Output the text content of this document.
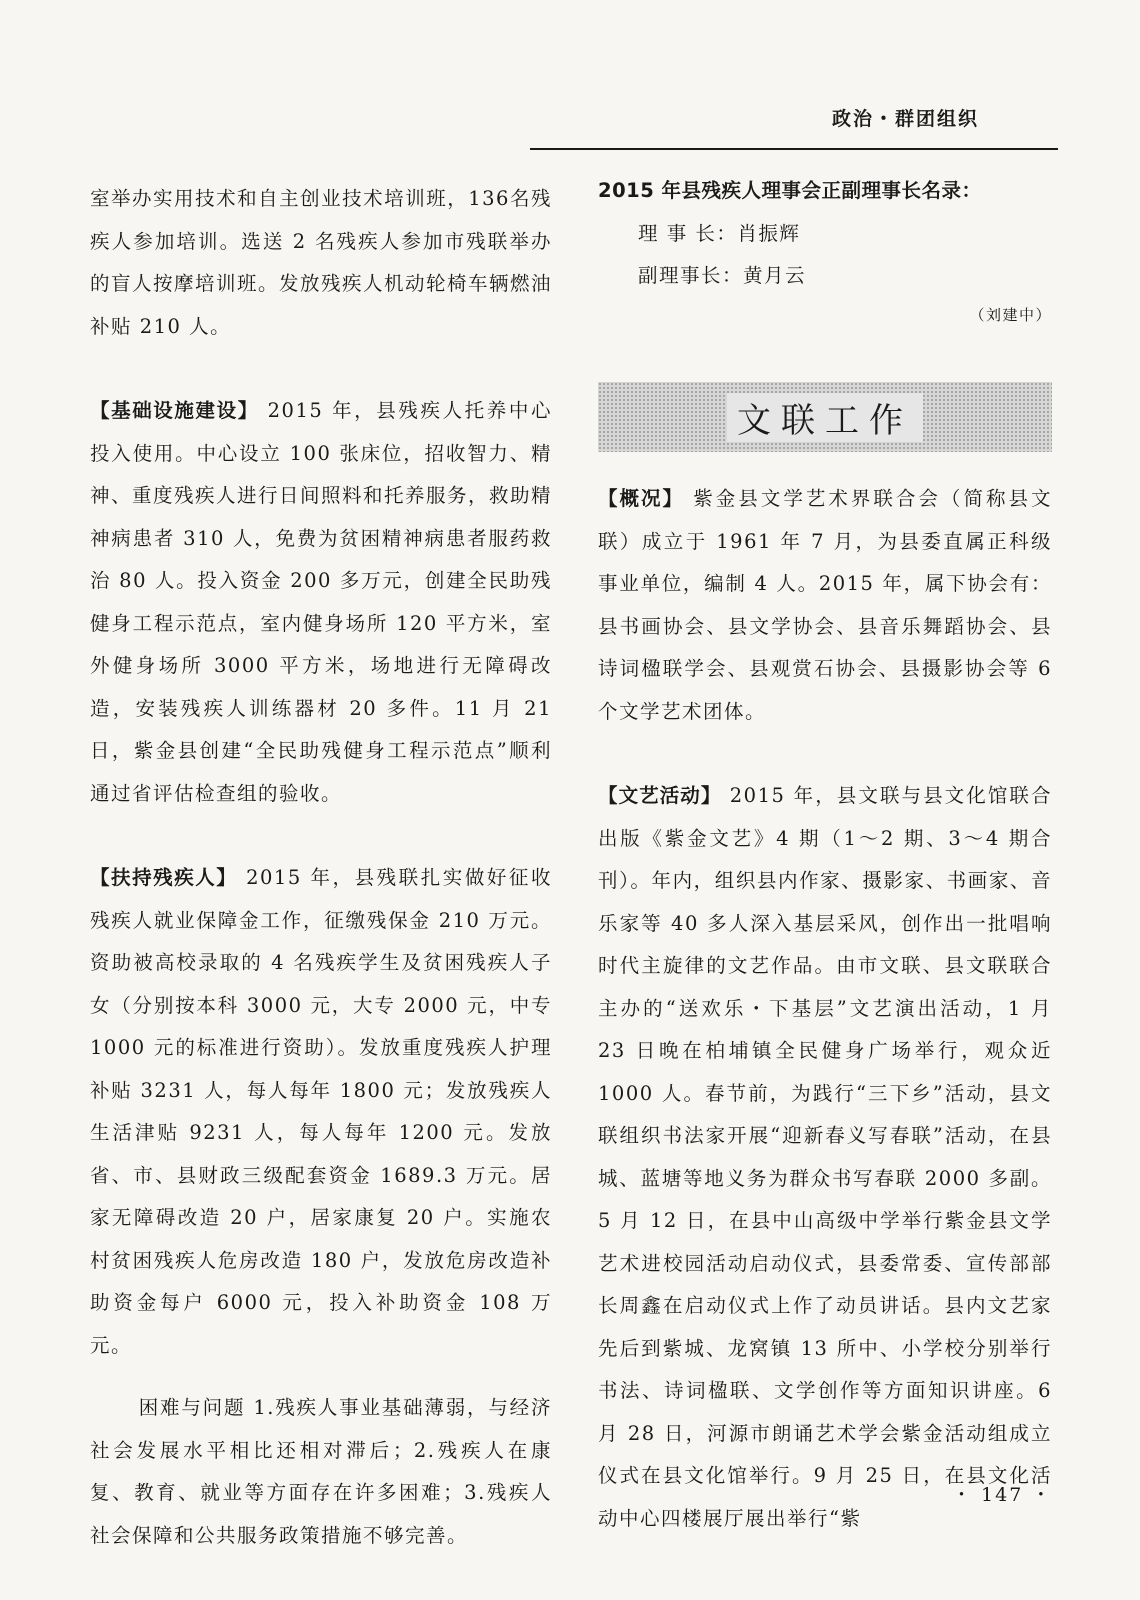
政治・群团组织

室举办实用技术和自主创业技术培训班，136名残疾人参加培训。选送 2 名残疾人参加市残联举办的盲人按摩培训班。发放残疾人机动轮椅车辆燃油补贴 210 人。

【基础设施建设】 2015 年，县残疾人托养中心投入使用。中心设立 100 张床位，招收智力、精神、重度残疾人进行日间照料和托养服务，救助精神病患者 310 人，免费为贫困精神病患者服药救治 80 人。投入资金 200 多万元，创建全民助残健身工程示范点，室内健身场所 120 平方米，室外健身场所 3000 平方米，场地进行无障碍改造，安装残疾人训练器材 20 多件。11 月 21 日，紫金县创建“全民助残健身工程示范点”顺利通过省评估检查组的验收。

【扶持残疾人】 2015 年，县残联扎实做好征收残疾人就业保障金工作，征缴残保金 210 万元。资助被高校录取的 4 名残疾学生及贫困残疾人子女（分别按本科 3000 元，大专 2000 元，中专 1000 元的标准进行资助）。发放重度残疾人护理补贴 3231 人，每人每年 1800 元；发放残疾人生活津贴 9231 人，每人每年 1200 元。发放省、市、县财政三级配套资金 1689.3 万元。居家无障碍改造 20 户，居家康复 20 户。实施农村贫困残疾人危房改造 180 户，发放危房改造补助资金每户 6000 元，投入补助资金 108 万元。

困难与问题 1.残疾人事业基础薄弱，与经济社会发展水平相比还相对滞后；2.残疾人在康复、教育、就业等方面存在许多困难；3.残疾人社会保障和公共服务政策措施不够完善。

2015 年县残疾人理事会正副理事长名录：

理 事 长：肖振辉

副理事长：黄月云

（刘建中）

文联工作

【概况】 紫金县文学艺术界联合会（简称县文联）成立于 1961 年 7 月，为县委直属正科级事业单位，编制 4 人。2015 年，属下协会有：县书画协会、县文学协会、县音乐舞蹈协会、县诗词楹联学会、县观赏石协会、县摄影协会等 6 个文学艺术团体。

【文艺活动】 2015 年，县文联与县文化馆联合出版《紫金文艺》4 期（1～2 期、3～4 期合刊）。年内，组织县内作家、摄影家、书画家、音乐家等 40 多人深入基层采风，创作出一批唱响时代主旋律的文艺作品。由市文联、县文联联合主办的“送欢乐・下基层”文艺演出活动，1 月 23 日晚在柏埔镇全民健身广场举行，观众近 1000 人。春节前，为践行“三下乡”活动，县文联组织书法家开展“迎新春义写春联”活动，在县城、蓝塘等地义务为群众书写春联 2000 多副。5 月 12 日，在县中山高级中学举行紫金县文学艺术进校园活动启动仪式，县委常委、宣传部部长周鑫在启动仪式上作了动员讲话。县内文艺家先后到紫城、龙窝镇 13 所中、小学校分别举行书法、诗词楹联、文学创作等方面知识讲座。6 月 28 日，河源市朗诵艺术学会紫金活动组成立仪式在县文化馆举行。9 月 25 日，在县文化活动中心四楼展厅展出举行“紫

・ 147 ・
